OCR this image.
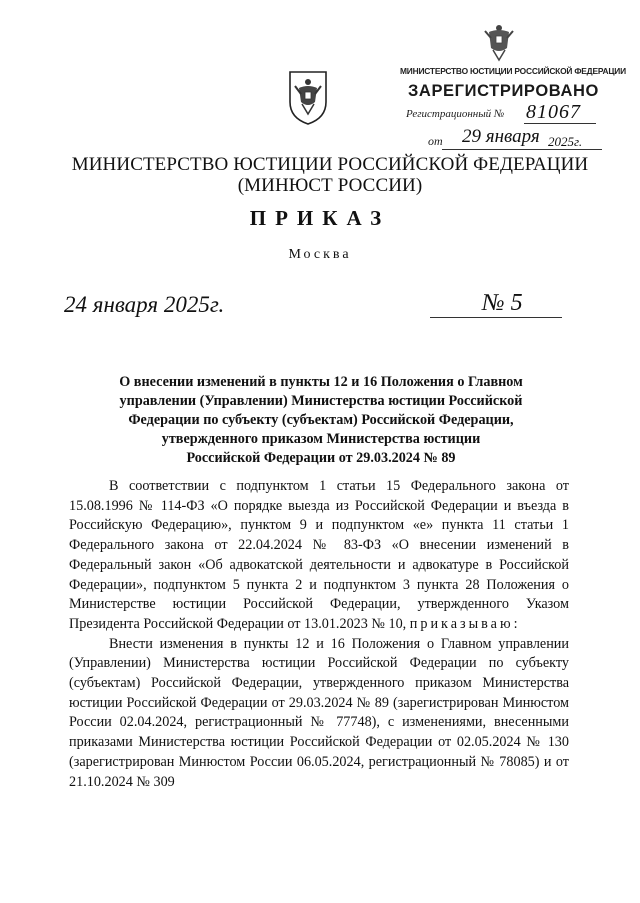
МИНИСТЕРСТВО ЮСТИЦИИ РОССИЙСКОЙ ФЕДЕРАЦИИ
ЗАРЕГИСТРИРОВАНО
Регистрационный № 81067
от 29 января 2025г.
МИНИСТЕРСТВО ЮСТИЦИИ РОССИЙСКОЙ ФЕДЕРАЦИИ
(МИНЮСТ РОССИИ)
ПРИКАЗ
Москва
24 января 2025г.	№ 5
О внесении изменений в пункты 12 и 16 Положения о Главном
управлении (Управлении) Министерства юстиции Российской
Федерации по субъекту (субъектам) Российской Федерации,
утвержденного приказом Министерства юстиции
Российской Федерации от 29.03.2024 № 89

В соответствии с подпунктом 1 статьи 15 Федерального закона от 15.08.1996 № 114-ФЗ «О порядке выезда из Российской Федерации и въезда в Российскую Федерацию», пунктом 9 и подпунктом «е» пункта 11 статьи 1 Федерального закона от 22.04.2024 № 83-ФЗ «О внесении изменений в Федеральный закон «Об адвокатской деятельности и адвокатуре в Российской Федерации», подпунктом 5 пункта 2 и подпунктом 3 пункта 28 Положения о Министерстве юстиции Российской Федерации, утвержденного Указом Президента Российской Федерации от 13.01.2023 № 10, приказываю:

Внести изменения в пункты 12 и 16 Положения о Главном управлении (Управлении) Министерства юстиции Российской Федерации по субъекту (субъектам) Российской Федерации, утвержденного приказом Министерства юстиции Российской Федерации от 29.03.2024 № 89 (зарегистрирован Минюстом России 02.04.2024, регистрационный № 77748), с изменениями, внесенными приказами Министерства юстиции Российской Федерации от 02.05.2024 № 130 (зарегистрирован Минюстом России 06.05.2024, регистрационный № 78085) и от 21.10.2024 № 309
